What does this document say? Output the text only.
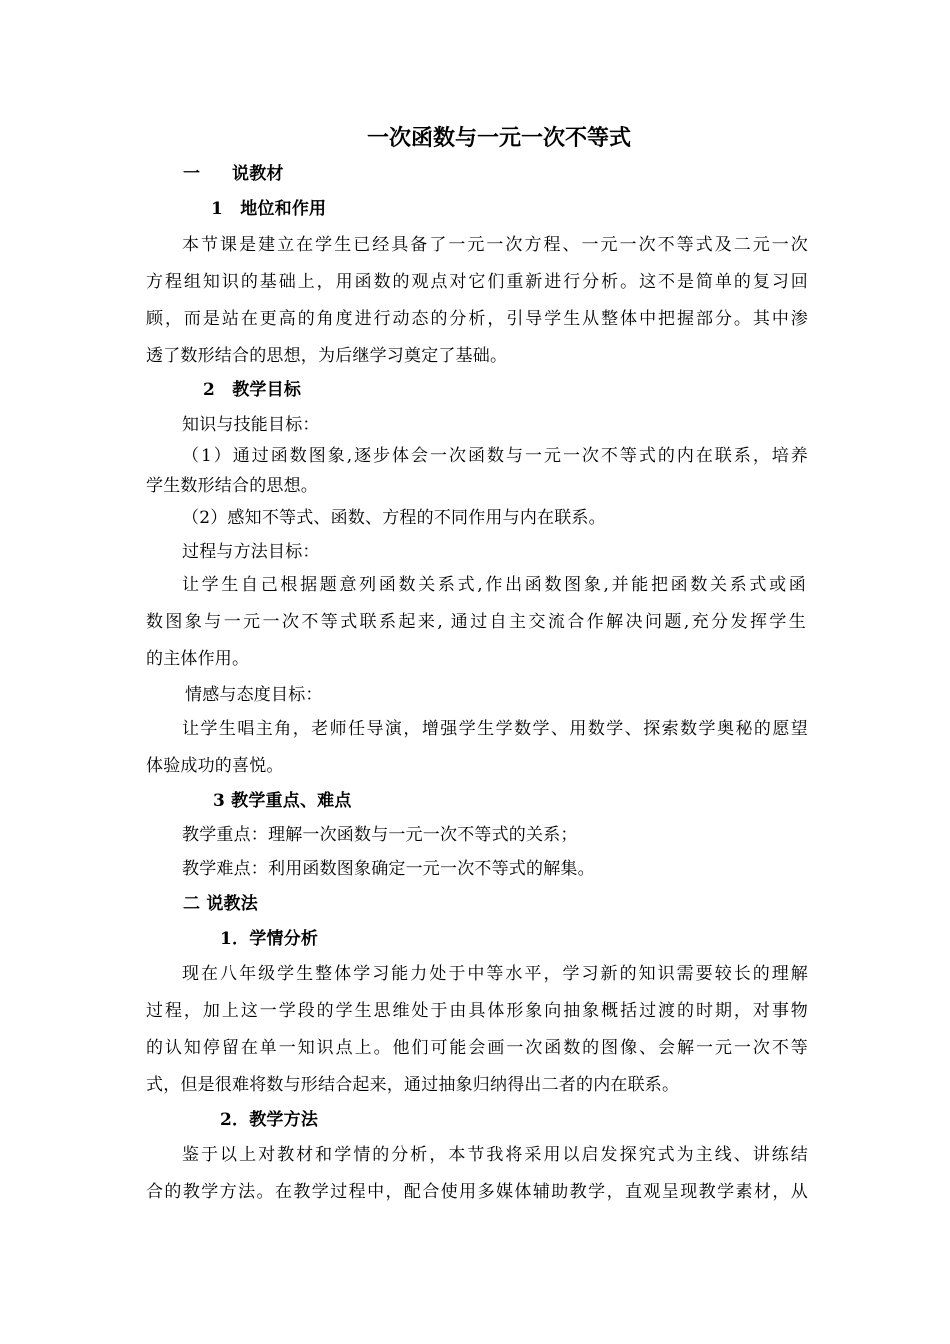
一次函数与一元一次不等式
一 说教材
1　地位和作用
本节课是建立在学生已经具备了一元一次方程、一元一次不等式及二元一次
方程组知识的基础上，用函数的观点对它们重新进行分析。这不是简单的复习回
顾，而是站在更高的角度进行动态的分析，引导学生从整体中把握部分。其中渗
透了数形结合的思想，为后继学习奠定了基础。
2　教学目标
知识与技能目标：
（1）通过函数图象,逐步体会一次函数与一元一次不等式的内在联系，培养
学生数形结合的思想。
（2）感知不等式、函数、方程的不同作用与内在联系。
过程与方法目标：
让学生自己根据题意列函数关系式,作出函数图象,并能把函数关系式或函
数图象与一元一次不等式联系起来, 通过自主交流合作解决问题,充分发挥学生
的主体作用。
情感与态度目标：
让学生唱主角，老师任导演，增强学生学数学、用数学、探索数学奥秘的愿望
体验成功的喜悦。
3 教学重点、难点
教学重点：理解一次函数与一元一次不等式的关系；
教学难点：利用函数图象确定一元一次不等式的解集。
二 说教法
1．学情分析
现在八年级学生整体学习能力处于中等水平，学习新的知识需要较长的理解
过程，加上这一学段的学生思维处于由具体形象向抽象概括过渡的时期，对事物
的认知停留在单一知识点上。他们可能会画一次函数的图像、会解一元一次不等
式，但是很难将数与形结合起来，通过抽象归纳得出二者的内在联系。
2．教学方法
鉴于以上对教材和学情的分析，本节我将采用以启发探究式为主线、讲练结
合的教学方法。在教学过程中，配合使用多媒体辅助教学，直观呈现教学素材，从
